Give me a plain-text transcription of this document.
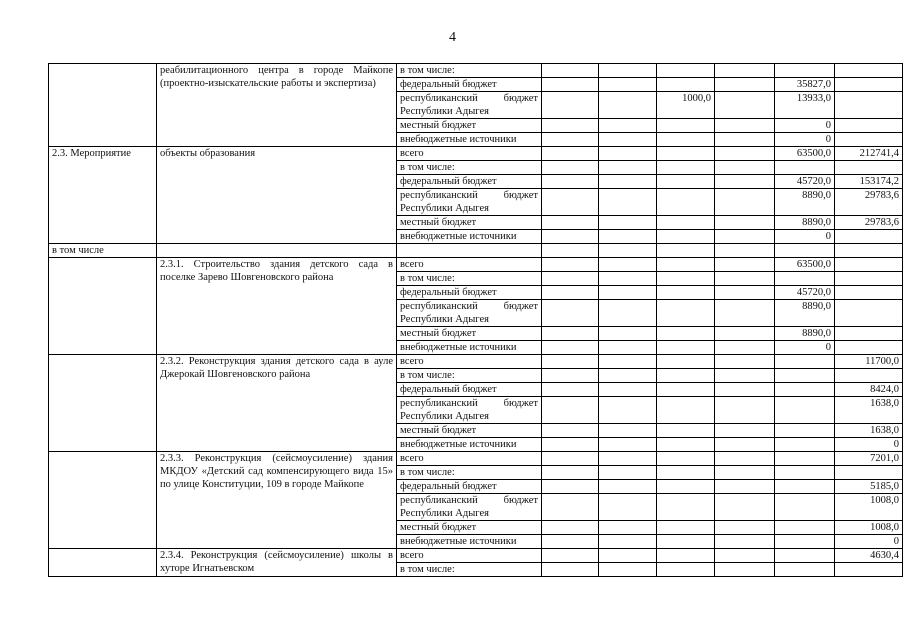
4
	реабилитационного центра в городе Майкопе (проектно-изыскательские работы и экспертиза)	в том числе:						
		федеральный бюджет					35827,0	
		республиканский бюджет Республики Адыгея			1000,0		13933,0	
		местный бюджет					0	
		внебюджетные источники					0	
2.3. Мероприятие	объекты образования	всего					63500,0	212741,4
		в том числе:						
		федеральный бюджет					45720,0	153174,2
		республиканский бюджет Республики Адыгея					8890,0	29783,6
		местный бюджет					8890,0	29783,6
		внебюджетные источники					0	
в том числе								
	2.3.1. Строительство здания детского сада в поселке Зарево Шовгеновского района	всего					63500,0	
		в том числе:						
		федеральный бюджет					45720,0	
		республиканский бюджет Республики Адыгея					8890,0	
		местный бюджет					8890,0	
		внебюджетные источники					0	
	2.3.2. Реконструкция здания детского сада в ауле Джерокай Шовгеновского района	всего						11700,0
		в том числе:						
		федеральный бюджет						8424,0
		республиканский бюджет Республики Адыгея						1638,0
		местный бюджет						1638,0
		внебюджетные источники						0
	2.3.3. Реконструкция (сейсмоусиление) здания МКДОУ «Детский сад компенсирующего вида 15» по улице Конституции, 109 в городе Майкопе	всего						7201,0
		в том числе:						
		федеральный бюджет						5185,0
		республиканский бюджет Республики Адыгея						1008,0
		местный бюджет						1008,0
		внебюджетные источники						0
	2.3.4. Реконструкция (сейсмоусиление) школы в хуторе Игнатьевском	всего						4630,4
		в том числе:						
